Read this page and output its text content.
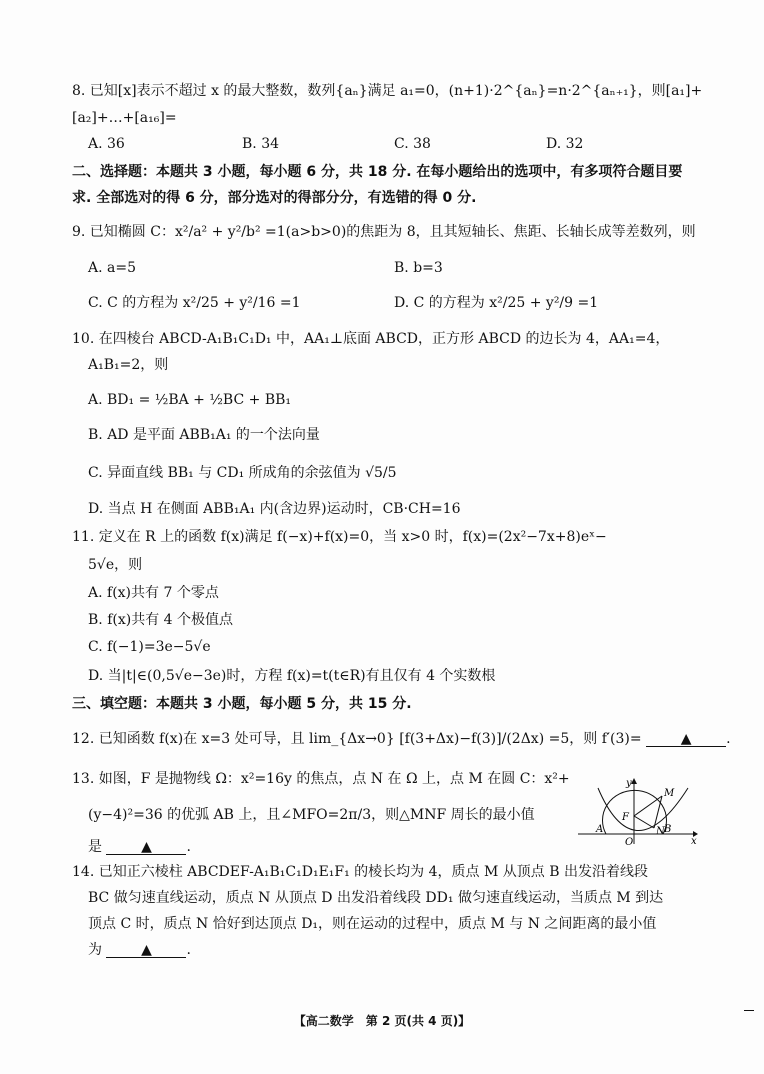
8. 已知[x]表示不超过 x 的最大整数，数列{aₙ}满足 a₁=0，(n+1)·2^{aₙ}=n·2^{aₙ₊₁}，则[a₁]+
[a₂]+…+[a₁₆]=
A. 36	B. 34	C. 38	D. 32
二、选择题：本题共 3 小题，每小题 6 分，共 18 分. 在每小题给出的选项中，有多项符合题目要
求. 全部选对的得 6 分，部分选对的得部分分，有选错的得 0 分.
9. 已知椭圆 C：x²/a² + y²/b² =1(a>b>0)的焦距为 8，且其短轴长、焦距、长轴长成等差数列，则
A. a=5	B. b=3
C. C 的方程为 x²/25 + y²/16 =1	D. C 的方程为 x²/25 + y²/9 =1
10. 在四棱台 ABCD-A₁B₁C₁D₁ 中，AA₁⊥底面 ABCD，正方形 ABCD 的边长为 4，AA₁=4，
A₁B₁=2，则
A. BD₁ = ½BA + ½BC + BB₁
B. AD 是平面 ABB₁A₁ 的一个法向量
C. 异面直线 BB₁ 与 CD₁ 所成角的余弦值为 √5/5
D. 当点 H 在侧面 ABB₁A₁ 内(含边界)运动时，CB·CH=16
11. 定义在 R 上的函数 f(x)满足 f(−x)+f(x)=0，当 x>0 时，f(x)=(2x²−7x+8)eˣ−
5√e，则
A. f(x)共有 7 个零点
B. f(x)共有 4 个极值点
C. f(−1)=3e−5√e
D. 当|t|∈(0,5√e−3e)时，方程 f(x)=t(t∈R)有且仅有 4 个实数根
三、填空题：本题共 3 小题，每小题 5 分，共 15 分.
12. 已知函数 f(x)在 x=3 处可导，且 lim_{Δx→0} [f(3+Δx)−f(3)]/(2Δx) =5，则 f′(3)=	▲ .
13. 如图，F 是抛物线 Ω：x²=16y 的焦点，点 N 在 Ω 上，点 M 在圆 C：x²+
(y−4)²=36 的优弧 AB 上，且∠MFO=2π/3，则△MNF 周长的最小值
是	▲ .
y
x
O
F
M
N
A	B
14. 已知正六棱柱 ABCDEF-A₁B₁C₁D₁E₁F₁ 的棱长均为 4，质点 M 从顶点 B 出发沿着线段
BC 做匀速直线运动，质点 N 从顶点 D 出发沿着线段 DD₁ 做匀速直线运动，当质点 M 到达
顶点 C 时，质点 N 恰好到达顶点 D₁，则在运动的过程中，质点 M 与 N 之间距离的最小值
为	▲ .
【高二数学　第 2 页(共 4 页)】
